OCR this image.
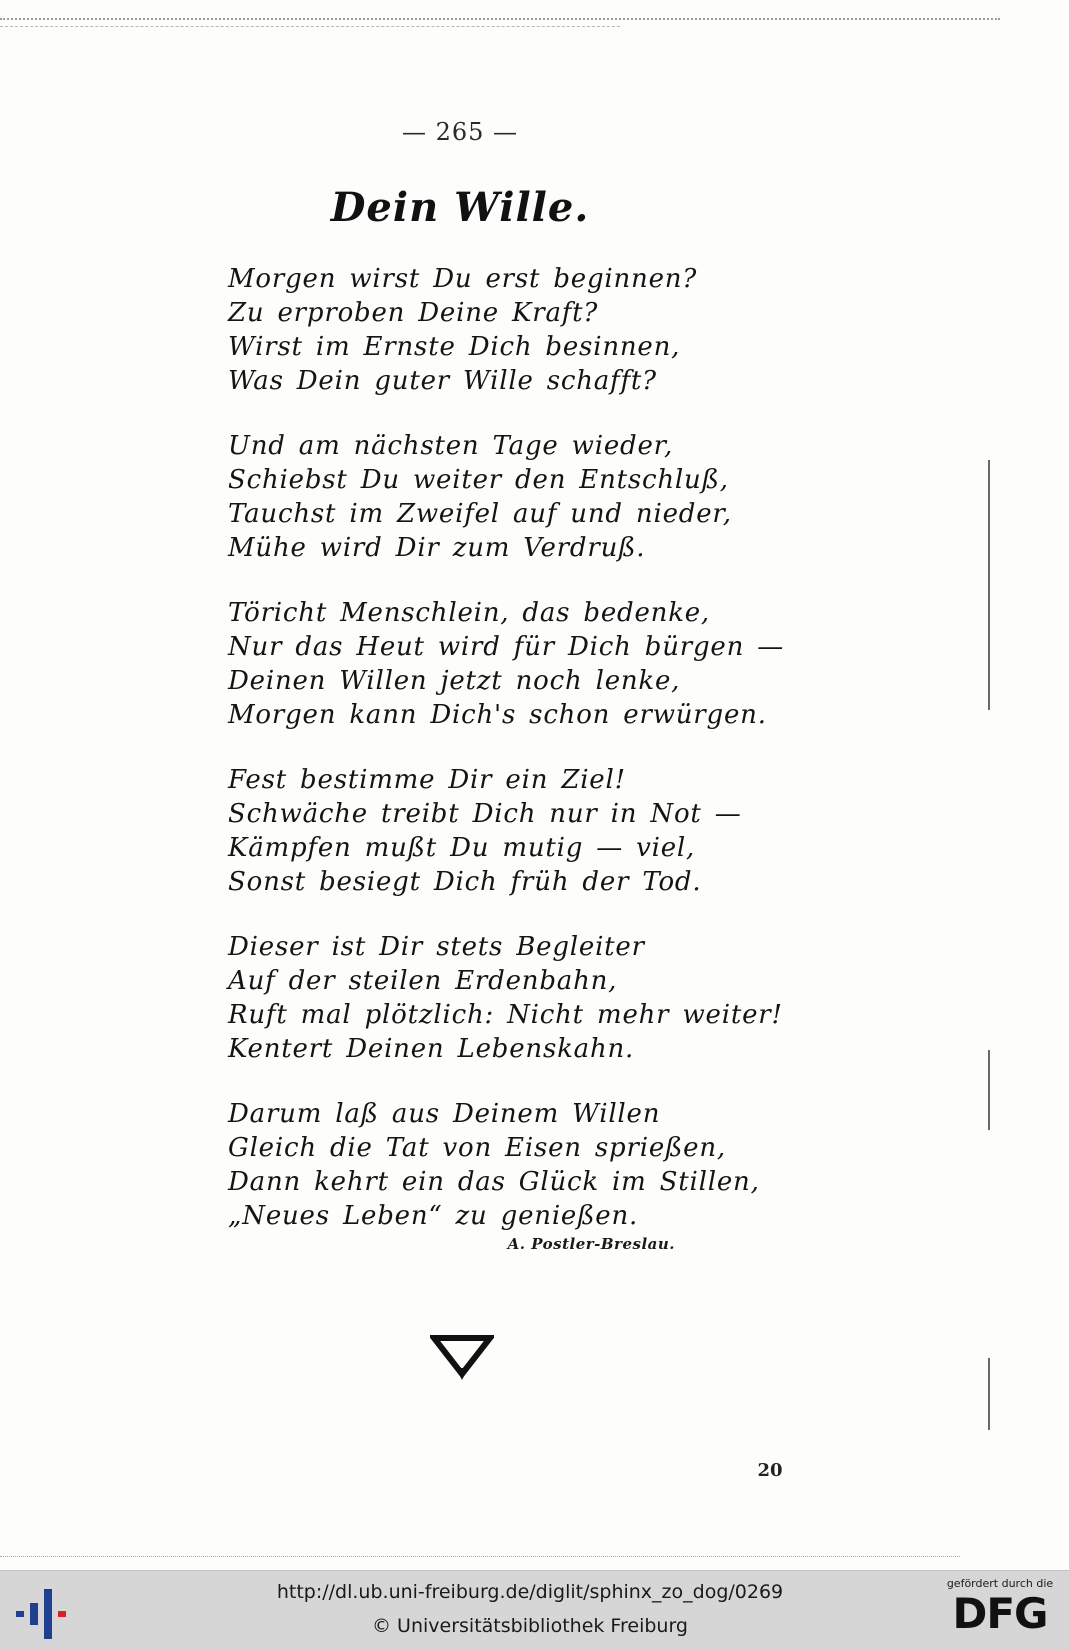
— 265 —
Dein Wille.
Morgen wirst Du erst beginnen?
Zu erproben Deine Kraft?
Wirst im Ernste Dich besinnen,
Was Dein guter Wille schafft?
Und am nächsten Tage wieder,
Schiebst Du weiter den Entschluß,
Tauchst im Zweifel auf und nieder,
Mühe wird Dir zum Verdruß.
Töricht Menschlein, das bedenke,
Nur das Heut wird für Dich bürgen —
Deinen Willen jetzt noch lenke,
Morgen kann Dich's schon erwürgen.
Fest bestimme Dir ein Ziel!
Schwäche treibt Dich nur in Not —
Kämpfen mußt Du mutig — viel,
Sonst besiegt Dich früh der Tod.
Dieser ist Dir stets Begleiter
Auf der steilen Erdenbahn,
Ruft mal plötzlich: Nicht mehr weiter!
Kentert Deinen Lebenskahn.
Darum laß aus Deinem Willen
Gleich die Tat von Eisen sprießen,
Dann kehrt ein das Glück im Stillen,
„Neues Leben“ zu genießen.
A. Postler-Breslau.
20
http://dl.ub.uni-freiburg.de/diglit/sphinx_zo_dog/0269
© Universitätsbibliothek Freiburg
gefördert durch die
DFG
